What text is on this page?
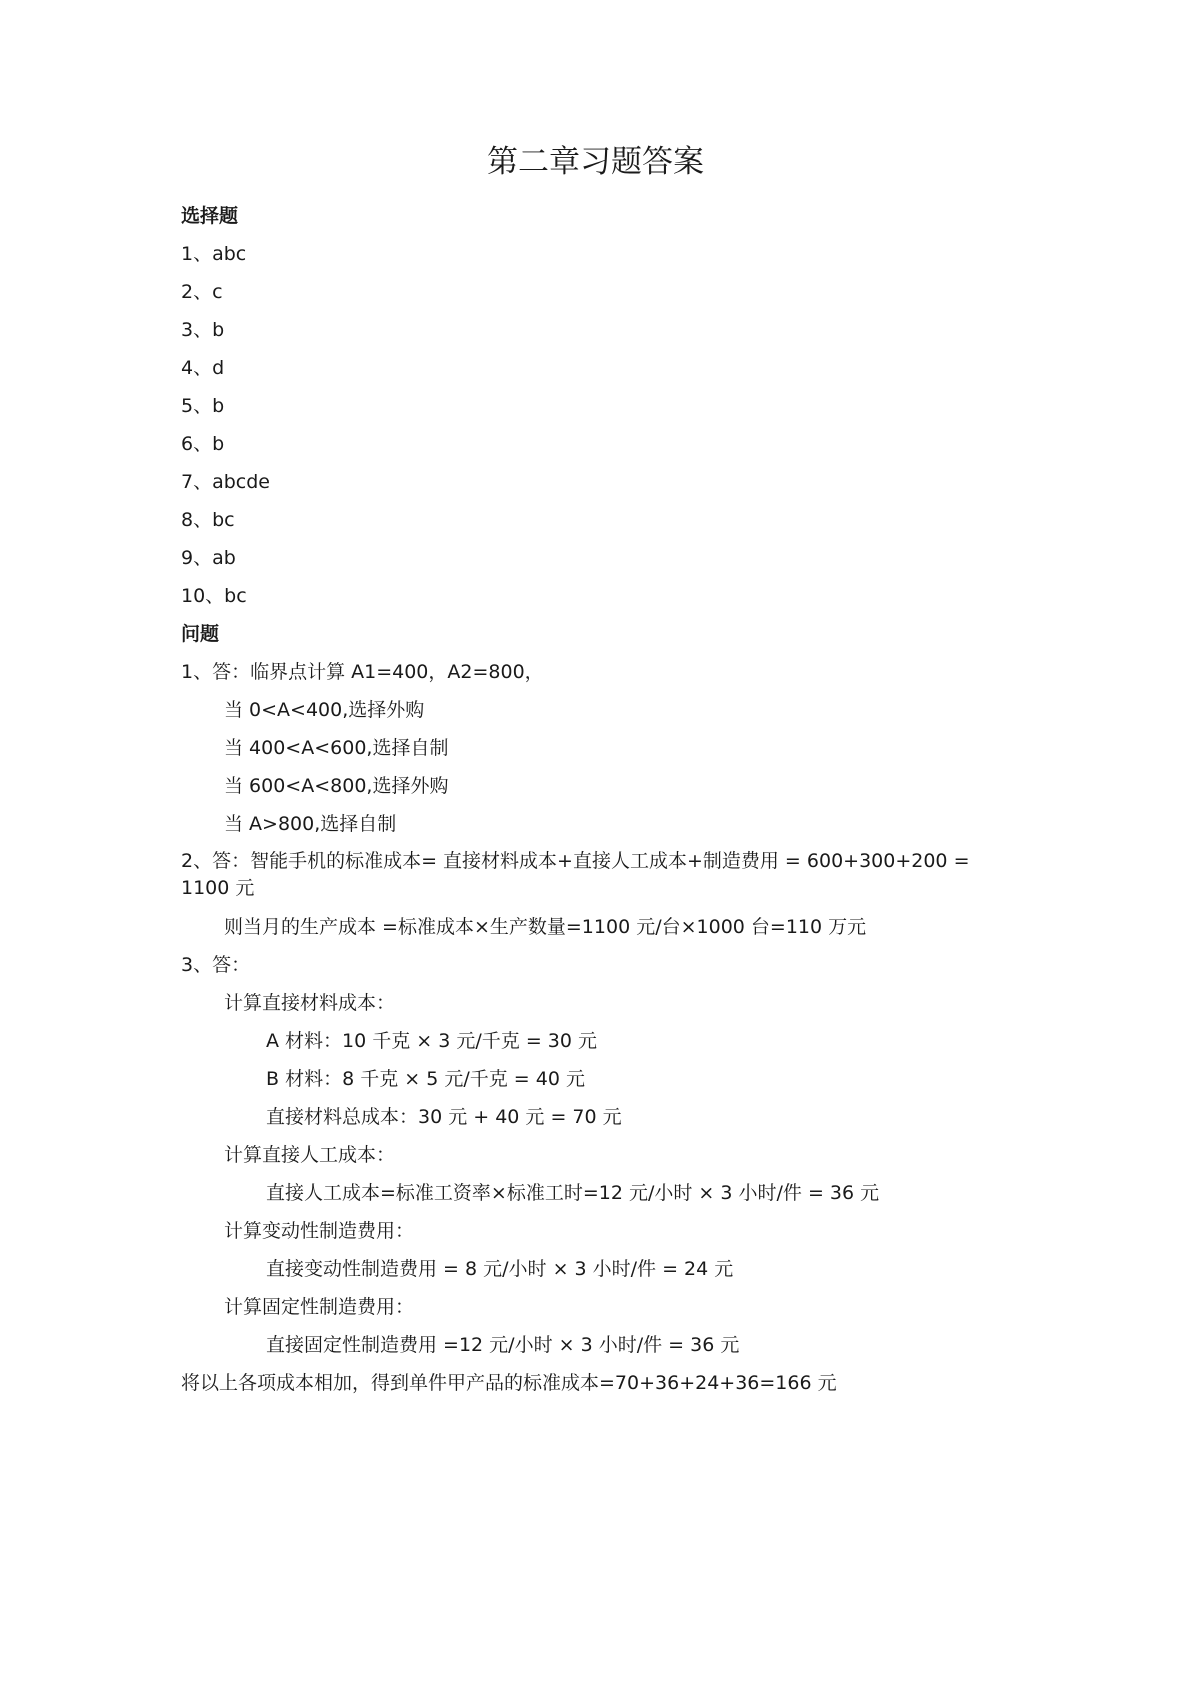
第二章习题答案
选择题
1、abc
2、c
3、b
4、d
5、b
6、b
7、abcde
8、bc
9、ab
10、bc
问题
1、答：临界点计算 A1=400，A2=800，
当 0<A<400,选择外购
当 400<A<600,选择自制
当 600<A<800,选择外购
当 A>800,选择自制
2、答：智能手机的标准成本= 直接材料成本+直接人工成本+制造费用 = 600+300+200 = 1100 元
则当月的生产成本 =标准成本×生产数量=1100 元/台×1000 台=110 万元
3、答：
计算直接材料成本：
A 材料：10 千克 × 3 元/千克 = 30 元
B 材料：8 千克 × 5 元/千克 = 40 元
直接材料总成本：30 元 + 40 元 = 70 元
计算直接人工成本：
直接人工成本=标准工资率×标准工时=12 元/小时 × 3 小时/件 = 36 元
计算变动性制造费用：
直接变动性制造费用 = 8 元/小时 × 3 小时/件 = 24 元
计算固定性制造费用：
直接固定性制造费用 =12 元/小时 × 3 小时/件 = 36 元
将以上各项成本相加，得到单件甲产品的标准成本=70+36+24+36=166 元
